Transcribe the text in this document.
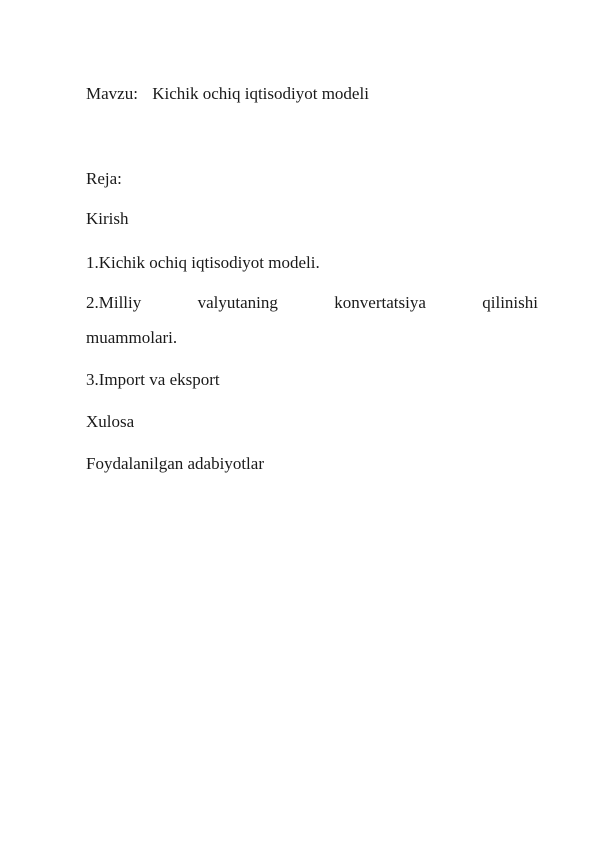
Mavzu: Kichik ochiq iqtisodiyot modeli
Reja:
Kirish
1.Kichik ochiq iqtisodiyot modeli.
2.Milliy	valyutaning	konvertatsiya	qilinishi
muammolari.
3.Import va eksport
Xulosa
Foydalanilgan adabiyotlar
